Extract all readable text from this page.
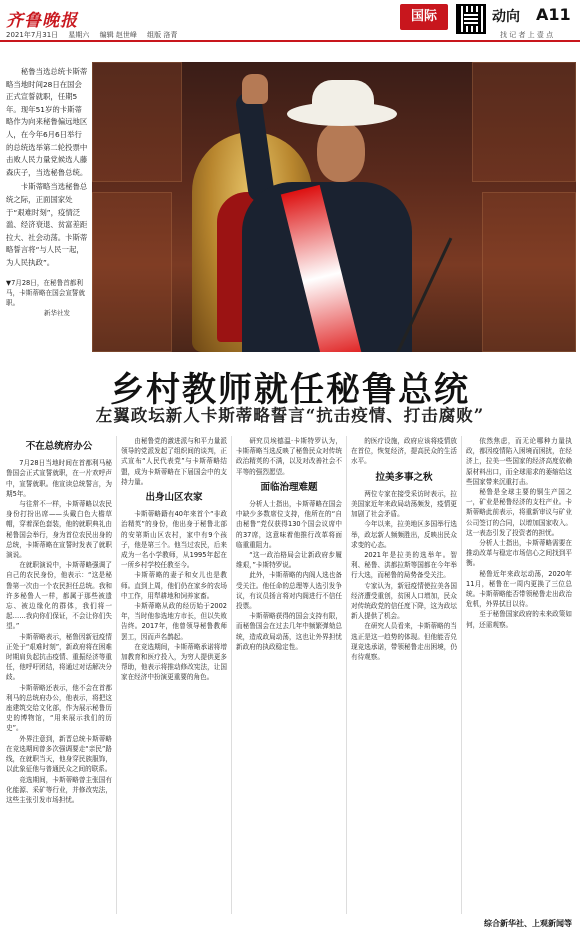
齐鲁晚报
2021年7月31日 星期六 编辑 赵世峰 组版 洛青
国际	动向 A11
找 记 者 上 壹 点

秘鲁当选总统卡斯蒂略当地时间28日在国会正式宣誓就职，任期5年。现年51岁的卡斯蒂略作为向来秘鲁偏远地区人，在今年6月6日举行的总统选举第二轮投票中击败人民力量党候选人藤森庆子，当选秘鲁总统。

卡斯蒂略当选秘鲁总统之际，正面国家处于“艰难时刻”，疫情泛滥、经济衰退、贫富差距拉大、社会动荡。卡斯蒂略誓言将“与人民一起，为人民执政”。

▼7月28日，在秘鲁首都利马，卡斯蒂略在国会宣誓就职。
新华社发
乡村教师就任秘鲁总统
左翼政坛新人卡斯蒂略誓言“抗击疫情、打击腐败”
不在总统府办公

7月28日当地时间在首都利马秘鲁国会正式宣誓就职，在一片欢呼声中，宣誓就职。他宣读总统誓言，为期5年。

与往常不一样，卡斯蒂略以农民身份打扮出席——头戴白色大檐草帽，穿着深色套装，他的就职典礼由秘鲁国会举行，身为首位农民出身的总统，卡斯蒂略在宣誓时发表了就职演说。

在就职演说中，卡斯蒂略强调了自己的农民身份，他表示：“这是秘鲁第一次由一个农民担任总统。我和许多秘鲁人一样，都属于那些被遗忘、被边缘化的群体，我们将一起……我向你们保证，不会让你们失望。”

卡斯蒂略表示，秘鲁因新冠疫情正处于“艰难时刻”，新政府将在困难时期肩负起抗击疫情、重振经济等重任，他呼吁团结，将通过对话解决分歧。

卡斯蒂略还表示，他不会在首都利马的总统府办公，他表示，将把这座建筑交给文化部，作为展示秘鲁历史的博物馆，“用来展示我们的历史”。

外界注意到，新晋总统卡斯蒂略在竞选期间曾多次强调要走“亲民”路线，在就职当天，他身穿民族服饰，以此象征他与普通民众之间的联系。

竞选期间，卡斯蒂略曾主张国有化能源、采矿等行业，并修改宪法，这些主张引发市场担忧。

由秘鲁党的激进派与和平力量派领导的党派发起了组织间的谈判，正式宣布“人民代表党”与卡斯蒂略结盟，成为卡斯蒂略在下届国会中的支持力量。

出身山区农家

卡斯蒂略籍有40年来首个“非政治精英”的身份，他出身于秘鲁北部的安第斯山区农村，家中有9个孩子，他是第三个。他当过农民，后来成为一名小学教师，从1995年起在一所乡村学校任教至今。

卡斯蒂略的妻子和女儿也是教师。直到上周，他们仍在家乡的农场中工作，用犁耕地和饲养家畜。

卡斯蒂略从政的经历始于2002年，当时他参选地方市长，但以失败告终。2017年，他曾领导秘鲁教师罢工，因而声名鹊起。

在竞选期间，卡斯蒂略承诺将增加教育和医疗投入，为穷人提供更多帮助，他表示将推动修改宪法，让国家在经济中扮演更重要的角色。

研究员埃德温·卡斯特罗认为，卡斯蒂略当选反映了秘鲁民众对传统政治精英的不满，以及对改善社会不平等的强烈愿望。

面临治理难题

分析人士指出，卡斯蒂略在国会中缺少多数席位支持，他所在的“自由秘鲁”党仅获得130个国会议席中的37席，这意味着他推行改革将面临重重阻力。

“这一政治格局会让新政府步履维艰，”卡斯特罗说。

此外，卡斯蒂略的内阁人选也备受关注。他任命的总理等人选引发争议，有议员扬言将对内阁进行不信任投票。

卡斯蒂略获得的国会支持有限，而秘鲁国会在过去几年中频繁弹劾总统，造成政局动荡，这也让外界担忧新政府的执政稳定性。

的医疗设施，政府应该将疫情放在首位，恢复经济，提高民众的生活水平。

拉美多事之秋

两位专家在接受采访时表示，拉美国家近年来政局动荡频发，疫情更加剧了社会矛盾。

今年以来，拉美地区多国举行选举，政坛新人频频胜出，反映出民众求变的心态。

2021年是拉美的选举年。智利、秘鲁、洪都拉斯等国都在今年举行大选，而秘鲁的局势备受关注。

专家认为，新冠疫情使拉美各国经济遭受重创，贫困人口增加，民众对传统政党的信任度下降，这为政坛新人提供了机会。

在研究人员看来，卡斯蒂略的当选正是这一趋势的体现。但他能否兑现竞选承诺，带领秘鲁走出困境，仍有待观察。

依然焦虑，而无论哪种力量执政，都因疫情陷入困境而困扰，在经济上，拉美一些国家的经济高度依赖原材料出口，而全球需求的萎缩给这些国家带来沉重打击。

秘鲁是全球主要的铜生产国之一，矿业是秘鲁经济的支柱产业。卡斯蒂略此前表示，将重新审议与矿业公司签订的合同，以增加国家收入。这一表态引发了投资者的担忧。

分析人士指出，卡斯蒂略需要在推动改革与稳定市场信心之间找到平衡。

秘鲁近年来政坛动荡，2020年11月，秘鲁在一周内更换了三位总统。卡斯蒂略能否带领秘鲁走出政治危机，外界拭目以待。

至于秘鲁国家政府的未来政策如何，还需观察。

综合新华社、上观新闻等
